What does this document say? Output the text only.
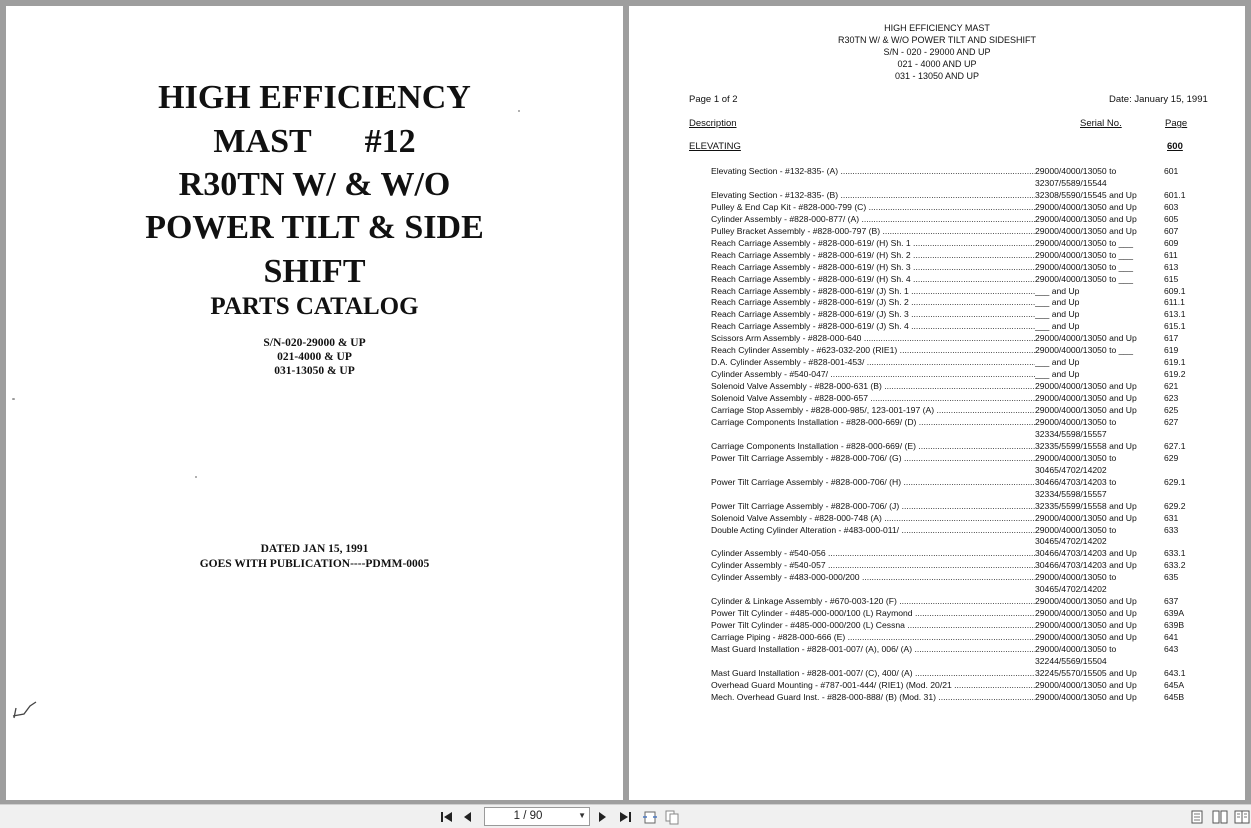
HIGH EFFICIENCY
MAST #12
R30TN W/ & W/O
POWER TILT & SIDE
SHIFT
PARTS CATALOG
S/N-020-29000 & UP
021-4000 & UP
031-13050 & UP
DATED JAN 15, 1991
GOES WITH PUBLICATION----PDMM-0005
HIGH EFFICIENCY MAST
R30TN W/ & W/O POWER TILT AND SIDESHIFT
S/N - 020 - 29000 AND UP
021 - 4000 AND UP
031 - 13050 AND UP
Page 1 of 2	Date: January 15, 1991
Description	Serial No.	Page
ELEVATING	600
Elevating Section - #132-835- (A) .....	29000/4000/13050 to	601
32307/5589/15544
Elevating Section - #132-835- (B) .....	32308/5590/15545 and Up	601.1
Pulley & End Cap Kit - #828-000-799 (C) .....	29000/4000/13050 and Up	603
Cylinder Assembly - #828-000-877/ (A) .....	29000/4000/13050 and Up	605
Pulley Bracket Assembly - #828-000-797 (B) .....	29000/4000/13050 and Up	607
Reach Carriage Assembly - #828-000-619/ (H) Sh. 1 .....	29000/4000/13050 to ___	609
Reach Carriage Assembly - #828-000-619/ (H) Sh. 2 .....	29000/4000/13050 to ___	611
Reach Carriage Assembly - #828-000-619/ (H) Sh. 3 .....	29000/4000/13050 to ___	613
Reach Carriage Assembly - #828-000-619/ (H) Sh. 4 .....	29000/4000/13050 to ___	615
Reach Carriage Assembly - #828-000-619/ (J) Sh. 1 .....	___ and Up	609.1
Reach Carriage Assembly - #828-000-619/ (J) Sh. 2 .....	___ and Up	611.1
Reach Carriage Assembly - #828-000-619/ (J) Sh. 3 .....	___ and Up	613.1
Reach Carriage Assembly - #828-000-619/ (J) Sh. 4 .....	___ and Up	615.1
Scissors Arm Assembly - #828-000-640 .....	29000/4000/13050 and Up	617
Reach Cylinder Assembly - #623-032-200 (RIE1) .....	29000/4000/13050 to ___	619
D.A. Cylinder Assembly - #828-001-453/ .....	___ and Up	619.1
Cylinder Assembly - #540-047/ .....	___ and Up	619.2
Solenoid Valve Assembly - #828-000-631 (B) .....	29000/4000/13050 and Up	621
Solenoid Valve Assembly - #828-000-657 .....	29000/4000/13050 and Up	623
Carriage Stop Assembly - #828-000-985/, 123-001-197 (A) .....	29000/4000/13050 and Up	625
Carriage Components Installation - #828-000-669/ (D) .....	29000/4000/13050 to	627
32334/5598/15557
Carriage Components Installation - #828-000-669/ (E) .....	32335/5599/15558 and Up	627.1
Power Tilt Carriage Assembly - #828-000-706/ (G) .....	29000/4000/13050 to	629
30465/4702/14202
Power Tilt Carriage Assembly - #828-000-706/ (H) .....	30466/4703/14203 to	629.1
32334/5598/15557
Power Tilt Carriage Assembly - #828-000-706/ (J) .....	32335/5599/15558 and Up	629.2
Solenoid Valve Assembly - #828-000-748 (A) .....	29000/4000/13050 and Up	631
Double Acting Cylinder Alteration - #483-000-011/ .....	29000/4000/13050 to	633
30465/4702/14202
Cylinder Assembly - #540-056 .....	30466/4703/14203 and Up	633.1
Cylinder Assembly - #540-057 .....	30466/4703/14203 and Up	633.2
Cylinder Assembly - #483-000-000/200 .....	29000/4000/13050 to	635
30465/4702/14202
Cylinder & Linkage Assembly - #670-003-120 (F) .....	29000/4000/13050 and Up	637
Power Tilt Cylinder - #485-000-000/100 (L) Raymond .....	29000/4000/13050 and Up	639A
Power Tilt Cylinder - #485-000-000/200 (L) Cessna .....	29000/4000/13050 and Up	639B
Carriage Piping - #828-000-666 (E) .....	29000/4000/13050 and Up	641
Mast Guard Installation - #828-001-007/ (A), 006/ (A) .....	29000/4000/13050 to	643
32244/5569/15504
Mast Guard Installation - #828-001-007/ (C), 400/ (A) .....	32245/5570/15505 and Up	643.1
Overhead Guard Mounting - #787-001-444/ (RIE1) (Mod. 20/21 .....	29000/4000/13050 and Up	645A
Mech. Overhead Guard Inst. - #828-000-888/ (B) (Mod. 31) .....	29000/4000/13050 and Up	645B
1 / 90	▼
